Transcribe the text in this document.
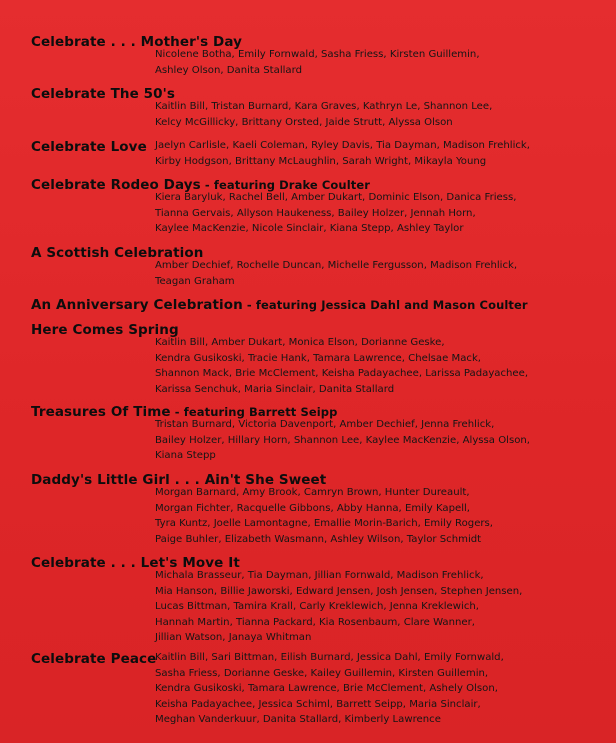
Celebrate . . . Mother's Day
Nicolene Botha, Emily Fornwald, Sasha Friess, Kirsten Guillemin,
Ashley Olson, Danita Stallard
Celebrate The 50's
Kaitlin Bill, Tristan Burnard, Kara Graves, Kathryn Le, Shannon Lee,
Kelcy McGillicky, Brittany Orsted, Jaide Strutt, Alyssa Olson
Celebrate Love Jaelyn Carlisle, Kaeli Coleman, Ryley Davis, Tia Dayman, Madison Frehlick,
Kirby Hodgson, Brittany McLaughlin, Sarah Wright, Mikayla Young
Celebrate Rodeo Days - featuring Drake Coulter
Kiera Baryluk, Rachel Bell, Amber Dukart, Dominic Elson, Danica Friess,
Tianna Gervais, Allyson Haukeness, Bailey Holzer, Jennah Horn,
Kaylee MacKenzie, Nicole Sinclair, Kiana Stepp, Ashley Taylor
A Scottish Celebration
Amber Dechief, Rochelle Duncan, Michelle Fergusson, Madison Frehlick,
Teagan Graham
An Anniversary Celebration - featuring Jessica Dahl and Mason Coulter
Here Comes Spring
Kaitlin Bill, Amber Dukart, Monica Elson, Dorianne Geske,
Kendra Gusikoski, Tracie Hank, Tamara Lawrence, Chelsae Mack,
Shannon Mack, Brie McClement, Keisha Padayachee, Larissa Padayachee,
Karissa Senchuk, Maria Sinclair, Danita Stallard
Treasures Of Time - featuring Barrett Seipp
Tristan Burnard, Victoria Davenport, Amber Dechief, Jenna Frehlick,
Bailey Holzer, Hillary Horn, Shannon Lee, Kaylee MacKenzie, Alyssa Olson,
Kiana Stepp
Daddy's Little Girl . . . Ain't She Sweet
Morgan Barnard, Amy Brook, Camryn Brown, Hunter Dureault,
Morgan Fichter, Racquelle Gibbons, Abby Hanna, Emily Kapell,
Tyra Kuntz, Joelle Lamontagne, Emallie Morin-Barich, Emily Rogers,
Paige Buhler, Elizabeth Wasmann, Ashley Wilson, Taylor Schmidt
Celebrate . . . Let's Move It
Michala Brasseur, Tia Dayman, Jillian Fornwald, Madison Frehlick,
Mia Hanson, Billie Jaworski, Edward Jensen, Josh Jensen, Stephen Jensen,
Lucas Bittman, Tamira Krall, Carly Kreklewich, Jenna Kreklewich,
Hannah Martin, Tianna Packard, Kia Rosenbaum, Clare Wanner,
Jillian Watson, Janaya Whitman
Celebrate Peace
Kaitlin Bill, Sari Bittman, Eilish Burnard, Jessica Dahl, Emily Fornwald,
Sasha Friess, Dorianne Geske, Kailey Guillemin, Kirsten Guillemin,
Kendra Gusikoski, Tamara Lawrence, Brie McClement, Ashely Olson,
Keisha Padayachee, Jessica Schiml, Barrett Seipp, Maria Sinclair,
Meghan Vanderkuur, Danita Stallard, Kimberly Lawrence
